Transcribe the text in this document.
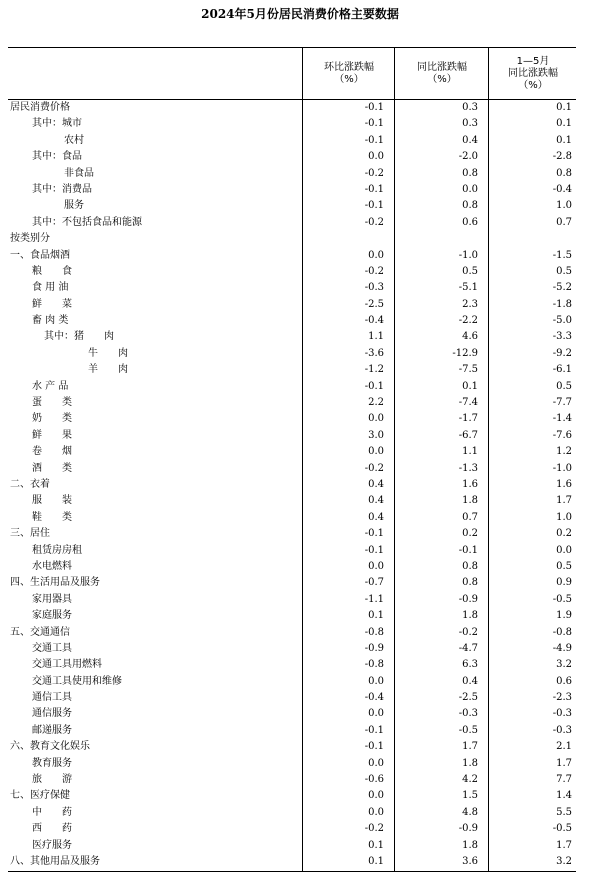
2024年5月份居民消费价格主要数据
环比涨跌幅
（%）
同比涨跌幅
（%）
1—5月
同比涨跌幅
（%）
居民消费价格	-0.1	0.3	0.1
其中：城市	-0.1	0.3	0.1
农村	-0.1	0.4	0.1
其中：食品	0.0	-2.0	-2.8
非食品	-0.2	0.8	0.8
其中：消费品	-0.1	0.0	-0.4
服务	-0.1	0.8	1.0
其中：不包括食品和能源	-0.2	0.6	0.7
按类别分
一、食品烟酒	0.0	-1.0	-1.5
粮　　食	-0.2	0.5	0.5
食 用 油	-0.3	-5.1	-5.2
鲜　　菜	-2.5	2.3	-1.8
畜 肉 类	-0.4	-2.2	-5.0
其中：猪　　肉	1.1	4.6	-3.3
牛　　肉	-3.6	-12.9	-9.2
羊　　肉	-1.2	-7.5	-6.1
水 产 品	-0.1	0.1	0.5
蛋　　类	2.2	-7.4	-7.7
奶　　类	0.0	-1.7	-1.4
鲜　　果	3.0	-6.7	-7.6
卷　　烟	0.0	1.1	1.2
酒　　类	-0.2	-1.3	-1.0
二、衣着	0.4	1.6	1.6
服　　装	0.4	1.8	1.7
鞋　　类	0.4	0.7	1.0
三、居住	-0.1	0.2	0.2
租赁房房租	-0.1	-0.1	0.0
水电燃料	0.0	0.8	0.5
四、生活用品及服务	-0.7	0.8	0.9
家用器具	-1.1	-0.9	-0.5
家庭服务	0.1	1.8	1.9
五、交通通信	-0.8	-0.2	-0.8
交通工具	-0.9	-4.7	-4.9
交通工具用燃料	-0.8	6.3	3.2
交通工具使用和维修	0.0	0.4	0.6
通信工具	-0.4	-2.5	-2.3
通信服务	0.0	-0.3	-0.3
邮递服务	-0.1	-0.5	-0.3
六、教育文化娱乐	-0.1	1.7	2.1
教育服务	0.0	1.8	1.7
旅　　游	-0.6	4.2	7.7
七、医疗保健	0.0	1.5	1.4
中　　药	0.0	4.8	5.5
西　　药	-0.2	-0.9	-0.5
医疗服务	0.1	1.8	1.7
八、其他用品及服务	0.1	3.6	3.2
